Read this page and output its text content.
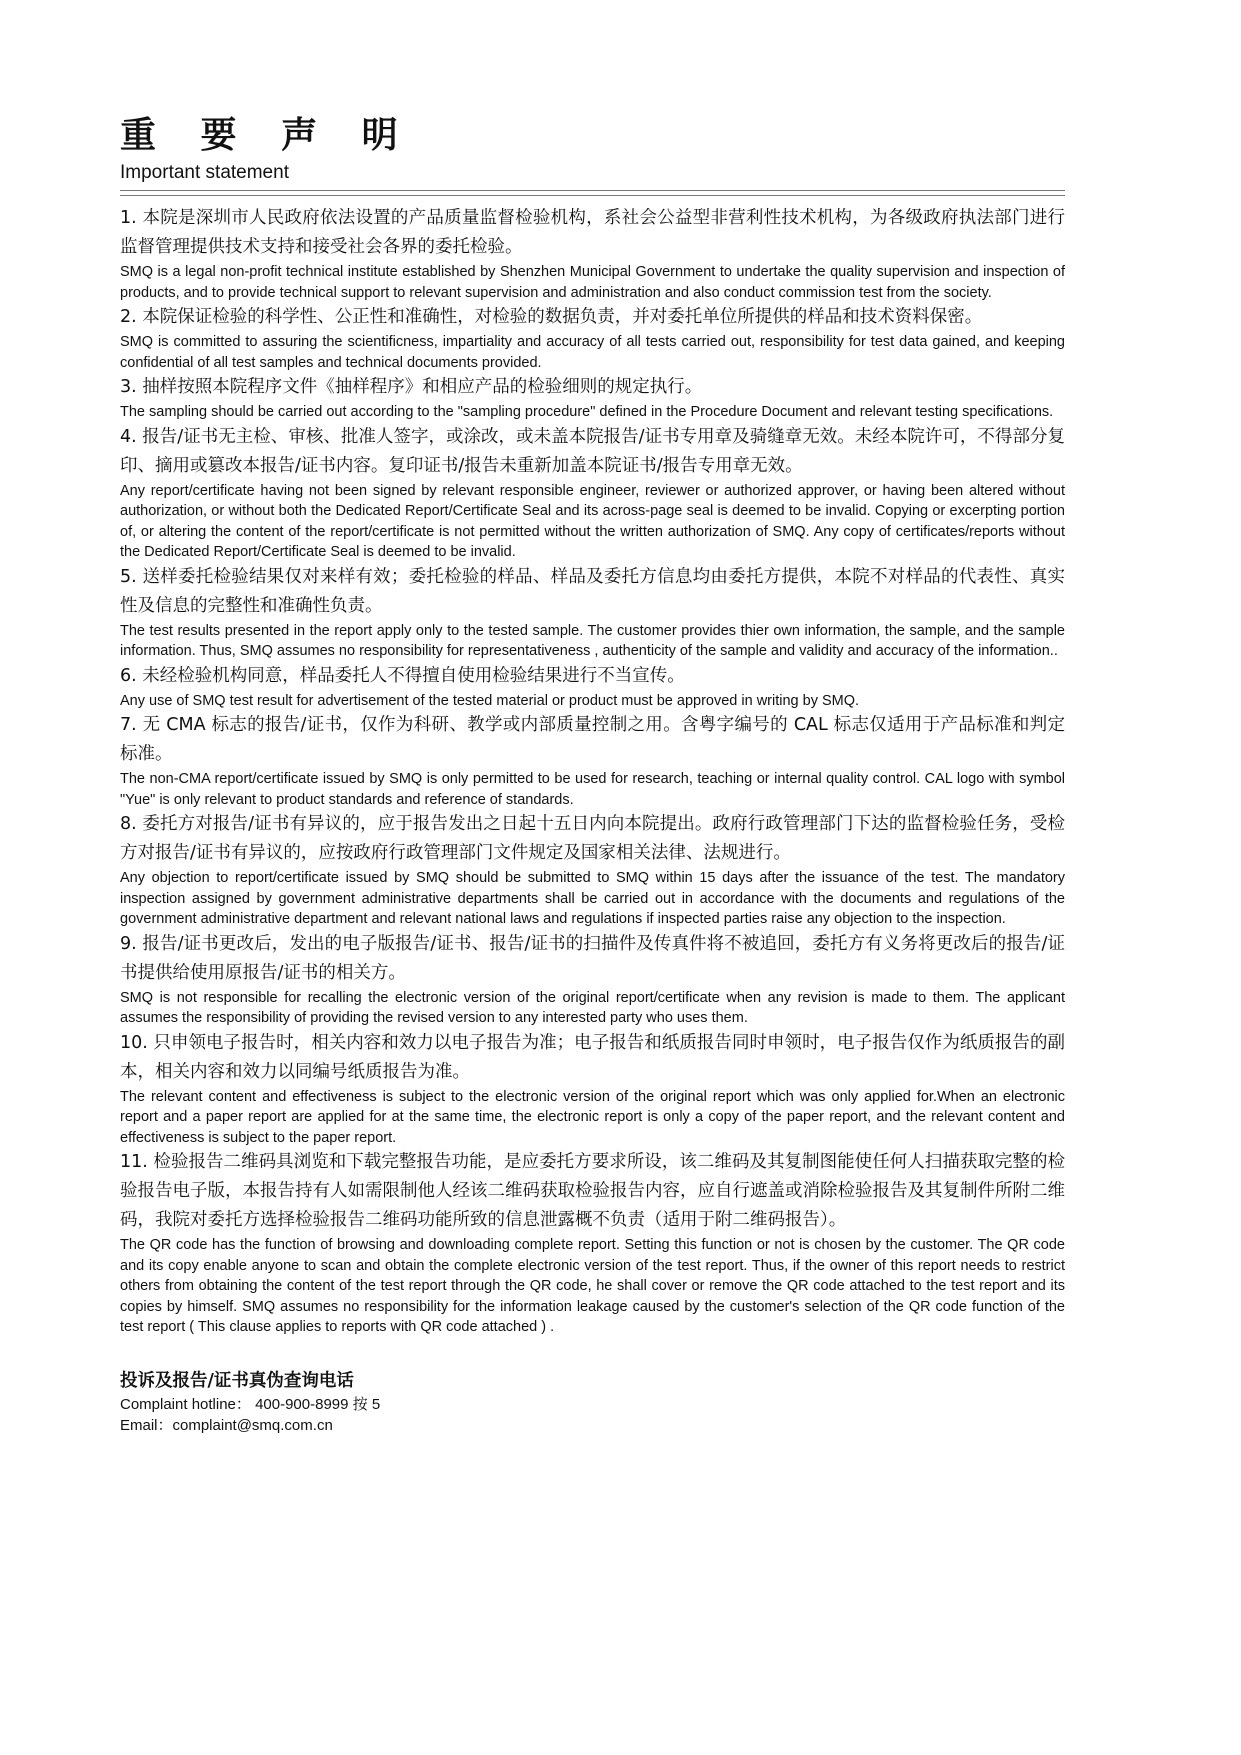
重 要 声 明

Important statement

1. 本院是深圳市人民政府依法设置的产品质量监督检验机构，系社会公益型非营利性技术机构，为各级政府执法部门进行监督管理提供技术支持和接受社会各界的委托检验。

SMQ is a legal non-profit technical institute established by Shenzhen Municipal Government to undertake the quality supervision and inspection of products, and to provide technical support to relevant supervision and administration and also conduct commission test from the society.

2. 本院保证检验的科学性、公正性和准确性，对检验的数据负责，并对委托单位所提供的样品和技术资料保密。

SMQ is committed to assuring the scientificness, impartiality and accuracy of all tests carried out, responsibility for test data gained, and keeping confidential of all test samples and technical documents provided.

3. 抽样按照本院程序文件《抽样程序》和相应产品的检验细则的规定执行。

The sampling should be carried out according to the "sampling procedure" defined in the Procedure Document and relevant testing specifications.

4. 报告/证书无主检、审核、批准人签字，或涂改，或未盖本院报告/证书专用章及骑缝章无效。未经本院许可，不得部分复印、摘用或篡改本报告/证书内容。复印证书/报告未重新加盖本院证书/报告专用章无效。

Any report/certificate having not been signed by relevant responsible engineer, reviewer or authorized approver, or having been altered without authorization, or without both the Dedicated Report/Certificate Seal and its across-page seal is deemed to be invalid. Copying or excerpting portion of, or altering the content of the report/certificate is not permitted without the written authorization of SMQ. Any copy of certificates/reports without the Dedicated Report/Certificate Seal is deemed to be invalid.

5. 送样委托检验结果仅对来样有效；委托检验的样品、样品及委托方信息均由委托方提供，本院不对样品的代表性、真实性及信息的完整性和准确性负责。

The test results presented in the report apply only to the tested sample. The customer provides thier own information, the sample, and the sample information. Thus, SMQ assumes no responsibility for representativeness , authenticity of the sample and validity and accuracy of the information..

6. 未经检验机构同意，样品委托人不得擅自使用检验结果进行不当宣传。

Any use of SMQ test result for advertisement of the tested material or product must be approved in writing by SMQ.

7. 无 CMA 标志的报告/证书，仅作为科研、教学或内部质量控制之用。含粤字编号的 CAL 标志仅适用于产品标准和判定标准。

The non-CMA report/certificate issued by SMQ is only permitted to be used for research, teaching or internal quality control. CAL logo with symbol "Yue" is only relevant to product standards and reference of standards.

8. 委托方对报告/证书有异议的，应于报告发出之日起十五日内向本院提出。政府行政管理部门下达的监督检验任务，受检方对报告/证书有异议的，应按政府行政管理部门文件规定及国家相关法律、法规进行。

Any objection to report/certificate issued by SMQ should be submitted to SMQ within 15 days after the issuance of the test. The mandatory inspection assigned by government administrative departments shall be carried out in accordance with the documents and regulations of the government administrative department and relevant national laws and regulations if inspected parties raise any objection to the inspection.

9. 报告/证书更改后，发出的电子版报告/证书、报告/证书的扫描件及传真件将不被追回，委托方有义务将更改后的报告/证书提供给使用原报告/证书的相关方。

SMQ is not responsible for recalling the electronic version of the original report/certificate when any revision is made to them. The applicant assumes the responsibility of providing the revised version to any interested party who uses them.

10. 只申领电子报告时，相关内容和效力以电子报告为准；电子报告和纸质报告同时申领时，电子报告仅作为纸质报告的副本，相关内容和效力以同编号纸质报告为准。

The relevant content and effectiveness is subject to the electronic version of the original report which was only applied for.When an electronic report and a paper report are applied for at the same time, the electronic report is only a copy of the paper report, and the relevant content and effectiveness is subject to the paper report.

11. 检验报告二维码具浏览和下载完整报告功能，是应委托方要求所设，该二维码及其复制图能使任何人扫描获取完整的检验报告电子版，本报告持有人如需限制他人经该二维码获取检验报告内容，应自行遮盖或消除检验报告及其复制件所附二维码，我院对委托方选择检验报告二维码功能所致的信息泄露概不负责（适用于附二维码报告）。

The QR code has the function of browsing and downloading complete report. Setting this function or not is chosen by the customer. The QR code and its copy enable anyone to scan and obtain the complete electronic version of the test report. Thus, if the owner of this report needs to restrict others from obtaining the content of the test report through the QR code, he shall cover or remove the QR code attached to the test report and its copies by himself. SMQ assumes no responsibility for the information leakage caused by the customer's selection of the QR code function of the test report ( This clause applies to reports with QR code attached ) .

投诉及报告/证书真伪查询电话

Complaint hotline： 400-900-8999 按 5

Email：complaint@smq.com.cn
